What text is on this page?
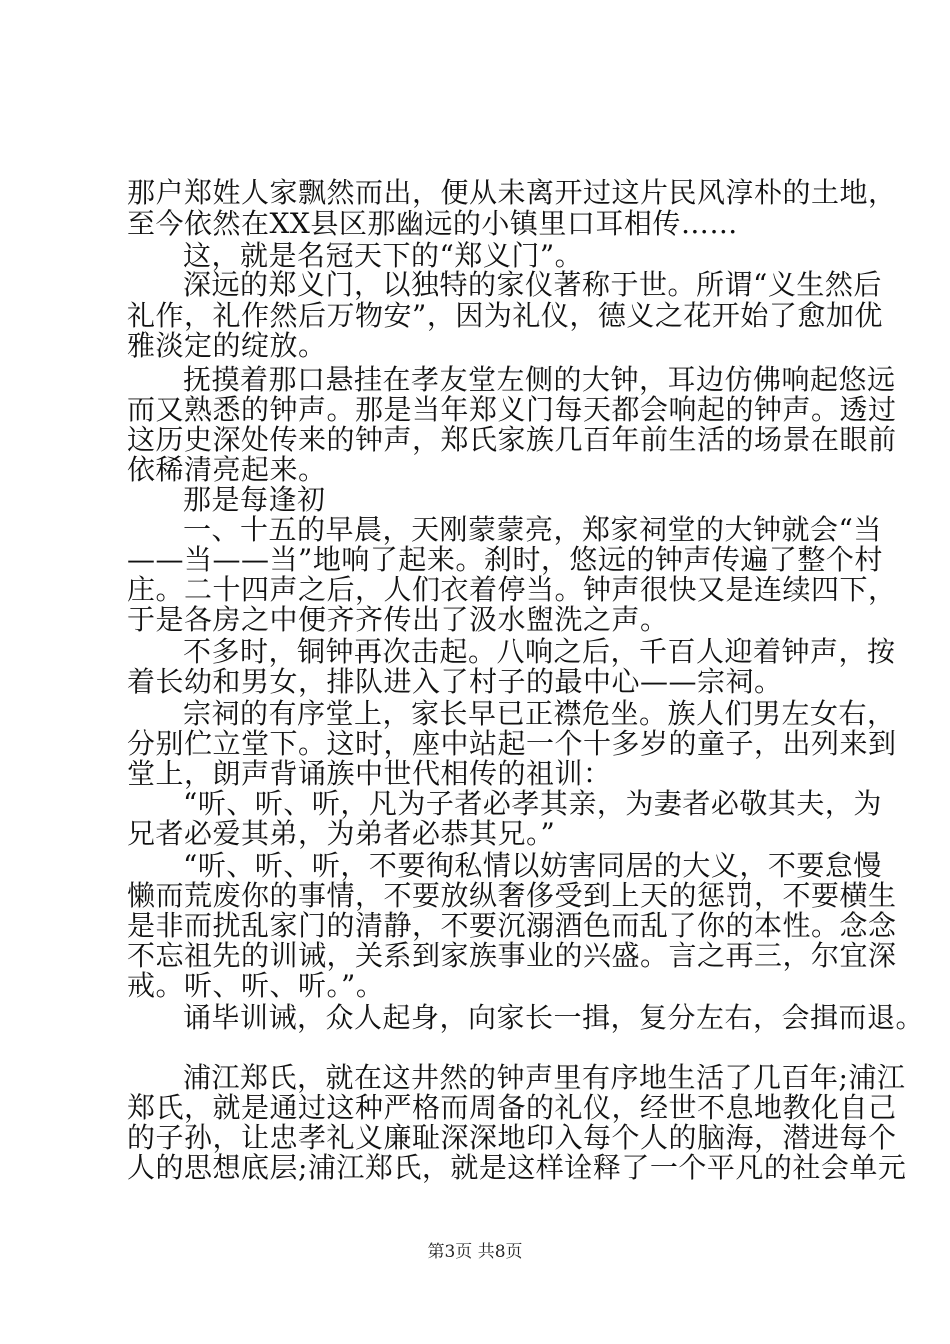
那户郑姓人家飘然而出，便从未离开过这片民风淳朴的土地，
至今依然在XX县区那幽远的小镇里口耳相传……
这，就是名冠天下的“郑义门”。
深远的郑义门，以独特的家仪著称于世。所谓“义生然后
礼作，礼作然后万物安”，因为礼仪，德义之花开始了愈加优
雅淡定的绽放。
抚摸着那口悬挂在孝友堂左侧的大钟，耳边仿佛响起悠远
而又熟悉的钟声。那是当年郑义门每天都会响起的钟声。透过
这历史深处传来的钟声，郑氏家族几百年前生活的场景在眼前
依稀清亮起来。
那是每逢初
一、十五的早晨，天刚蒙蒙亮，郑家祠堂的大钟就会“当
——当——当”地响了起来。刹时，悠远的钟声传遍了整个村
庄。二十四声之后，人们衣着停当。钟声很快又是连续四下，
于是各房之中便齐齐传出了汲水盥洗之声。
不多时，铜钟再次击起。八响之后，千百人迎着钟声，按
着长幼和男女，排队进入了村子的最中心——宗祠。
宗祠的有序堂上，家长早已正襟危坐。族人们男左女右，
分别伫立堂下。这时，座中站起一个十多岁的童子，出列来到
堂上，朗声背诵族中世代相传的祖训：
“听、听、听，凡为子者必孝其亲，为妻者必敬其夫，为
兄者必爱其弟，为弟者必恭其兄。”
“听、听、听，不要徇私情以妨害同居的大义，不要怠慢
懒而荒废你的事情，不要放纵奢侈受到上天的惩罚，不要横生
是非而扰乱家门的清静，不要沉溺酒色而乱了你的本性。念念
不忘祖先的训诫，关系到家族事业的兴盛。言之再三，尔宜深
戒。听、听、听。”。
诵毕训诫，众人起身，向家长一揖，复分左右，会揖而退。
浦江郑氏，就在这井然的钟声里有序地生活了几百年;浦江
郑氏，就是通过这种严格而周备的礼仪，经世不息地教化自己
的子孙，让忠孝礼义廉耻深深地印入每个人的脑海，潜进每个
人的思想底层;浦江郑氏，就是这样诠释了一个平凡的社会单元
第3页 共8页
